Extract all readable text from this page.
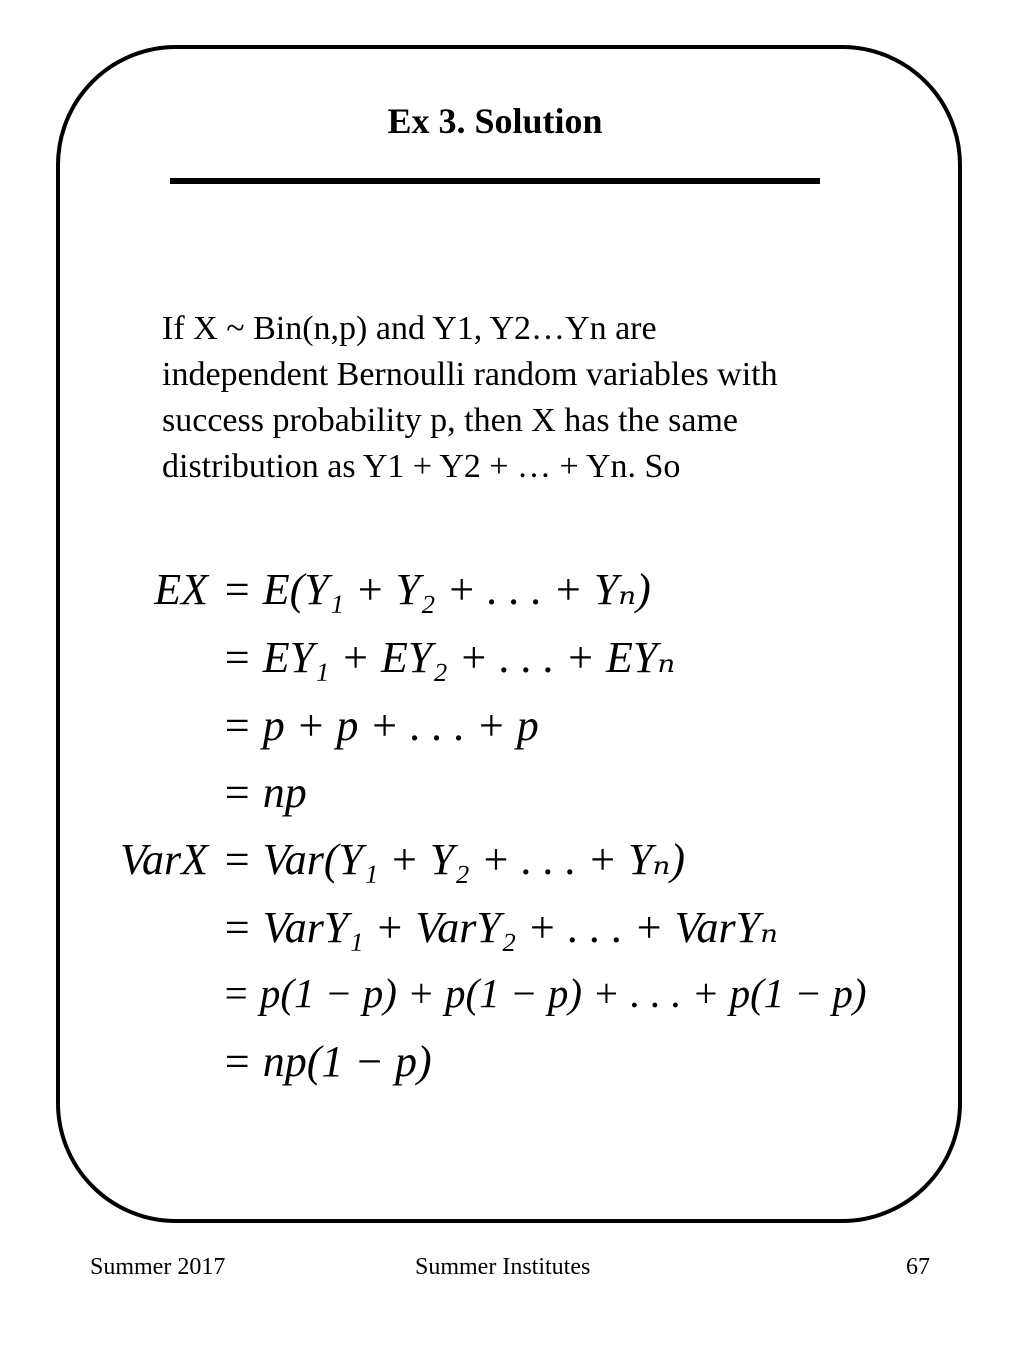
Ex 3. Solution
If X ~ Bin(n,p) and Y1, Y2…Yn are
independent Bernoulli random variables with
success probability p, then X has the same
distribution as Y1 + Y2 + … + Yn. So
EX = E(Y₁ + Y₂ + . . . + Yₙ)
= EY₁ + EY₂ + . . . + EYₙ
= p + p + . . . + p
= np
VarX = Var(Y₁ + Y₂ + . . . + Yₙ)
= VarY₁ + VarY₂ + . . . + VarYₙ
= p(1 − p) + p(1 − p) + . . . + p(1 − p)
= np(1 − p)
Summer 2017	Summer Institutes	67
